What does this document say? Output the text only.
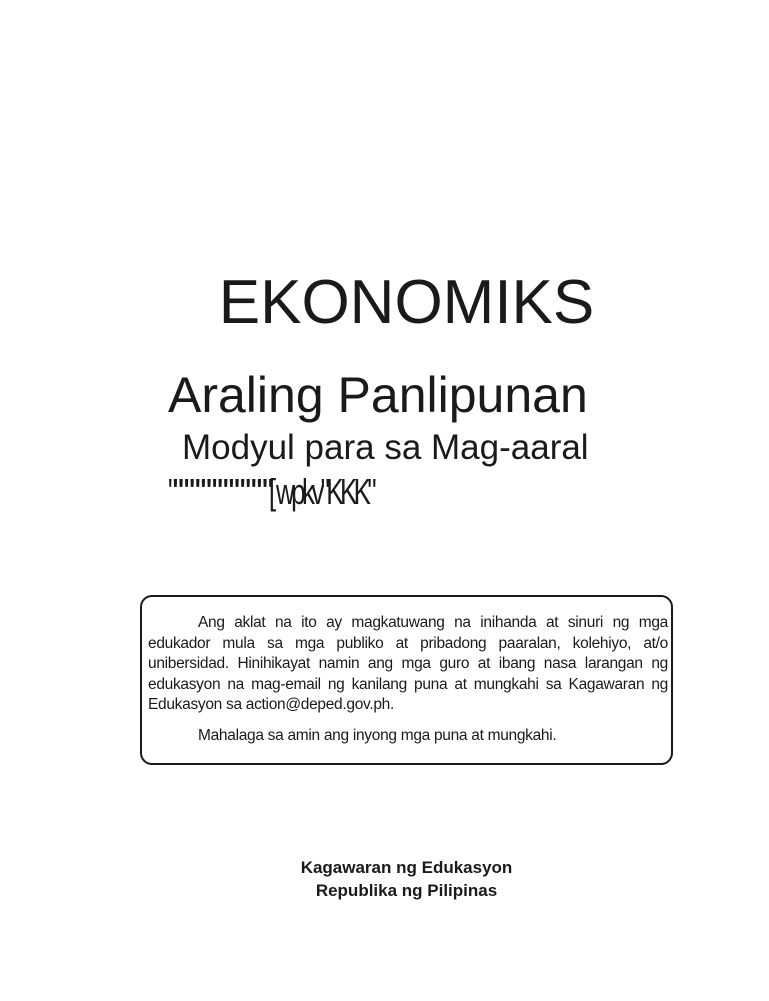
EKONOMIKS
Araling Panlipunan
Modyul para sa Mag-aaral
""""""""""""""""""[ wpkv"KKK"

Ang aklat na ito ay magkatuwang na inihanda at sinuri ng mga edukador mula sa mga publiko at pribadong paaralan, kolehiyo, at/o unibersidad. Hinihikayat namin ang mga guro at ibang nasa larangan ng edukasyon na mag-email ng kanilang puna at mungkahi sa Kagawaran ng Edukasyon sa action@deped.gov.ph.

Mahalaga sa amin ang inyong mga puna at mungkahi.

Kagawaran ng Edukasyon
Republika ng Pilipinas
